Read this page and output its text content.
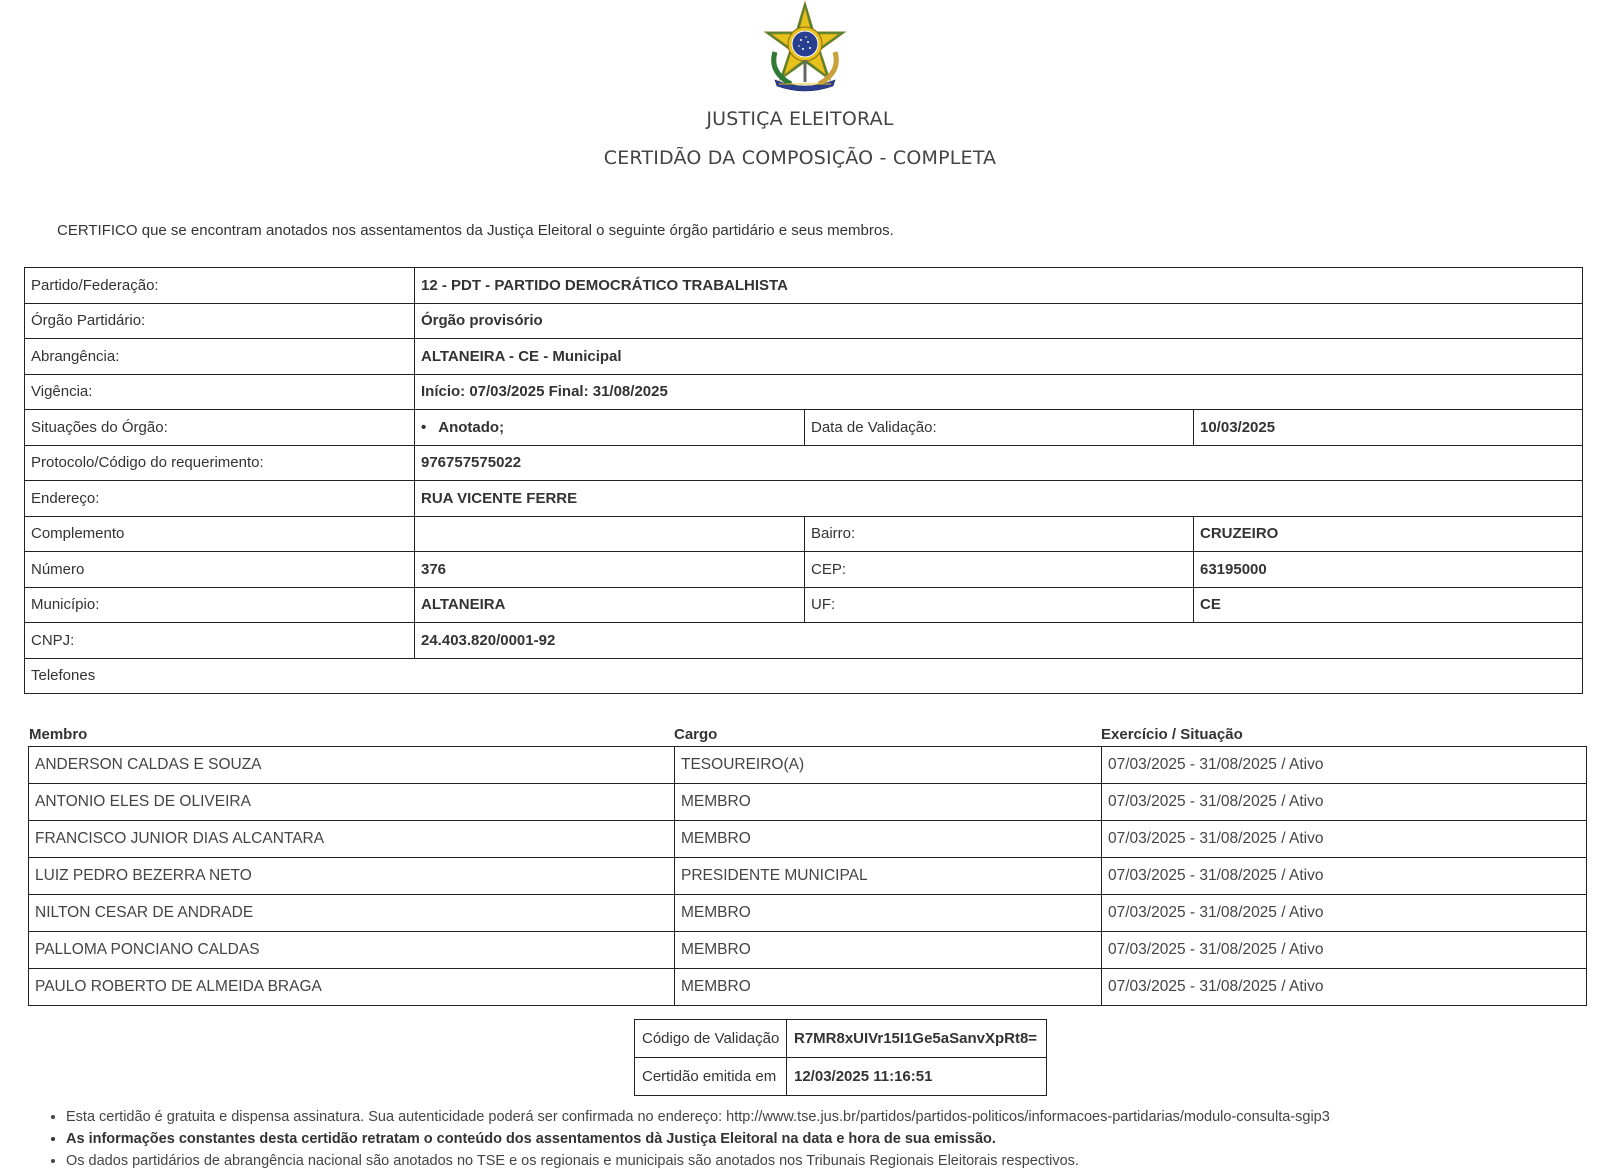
JUSTIÇA ELEITORAL
CERTIDÃO DA COMPOSIÇÃO - COMPLETA
CERTIFICO que se encontram anotados nos assentamentos da Justiça Eleitoral o seguinte órgão partidário e seus membros.
Partido/Federação:	12 - PDT - PARTIDO DEMOCRÁTICO TRABALHISTA		
Órgão Partidário:	Órgão provisório		
Abrangência:	ALTANEIRA - CE - Municipal		
Vigência:	Início: 07/03/2025 Final: 31/08/2025		
Situações do Órgão:	• Anotado;	Data de Validação:	10/03/2025
Protocolo/Código do requerimento:	976757575022		
Endereço:	RUA VICENTE FERRE		
Complemento		Bairro:	CRUZEIRO
Número	376	CEP:	63195000
Município:	ALTANEIRA	UF:	CE
CNPJ:	24.403.820/0001-92		
Telefones			
Membro	Cargo	Exercício / Situação
ANDERSON CALDAS E SOUZA	TESOUREIRO(A)	07/03/2025 - 31/08/2025 / Ativo
ANTONIO ELES DE OLIVEIRA	MEMBRO	07/03/2025 - 31/08/2025 / Ativo
FRANCISCO JUNIOR DIAS ALCANTARA	MEMBRO	07/03/2025 - 31/08/2025 / Ativo
LUIZ PEDRO BEZERRA NETO	PRESIDENTE MUNICIPAL	07/03/2025 - 31/08/2025 / Ativo
NILTON CESAR DE ANDRADE	MEMBRO	07/03/2025 - 31/08/2025 / Ativo
PALLOMA PONCIANO CALDAS	MEMBRO	07/03/2025 - 31/08/2025 / Ativo
PAULO ROBERTO DE ALMEIDA BRAGA	MEMBRO	07/03/2025 - 31/08/2025 / Ativo
Código de Validação	R7MR8xUIVr15I1Ge5aSanvXpRt8=
Certidão emitida em	12/03/2025 11:16:51
• Esta certidão é gratuita e dispensa assinatura. Sua autenticidade poderá ser confirmada no endereço: http://www.tse.jus.br/partidos/partidos-politicos/informacoes-partidarias/modulo-consulta-sgip3
• As informações constantes desta certidão retratam o conteúdo dos assentamentos dà Justiça Eleitoral na data e hora de sua emissão.
• Os dados partidários de abrangência nacional são anotados no TSE e os regionais e municipais são anotados nos Tribunais Regionais Eleitorais respectivos.
